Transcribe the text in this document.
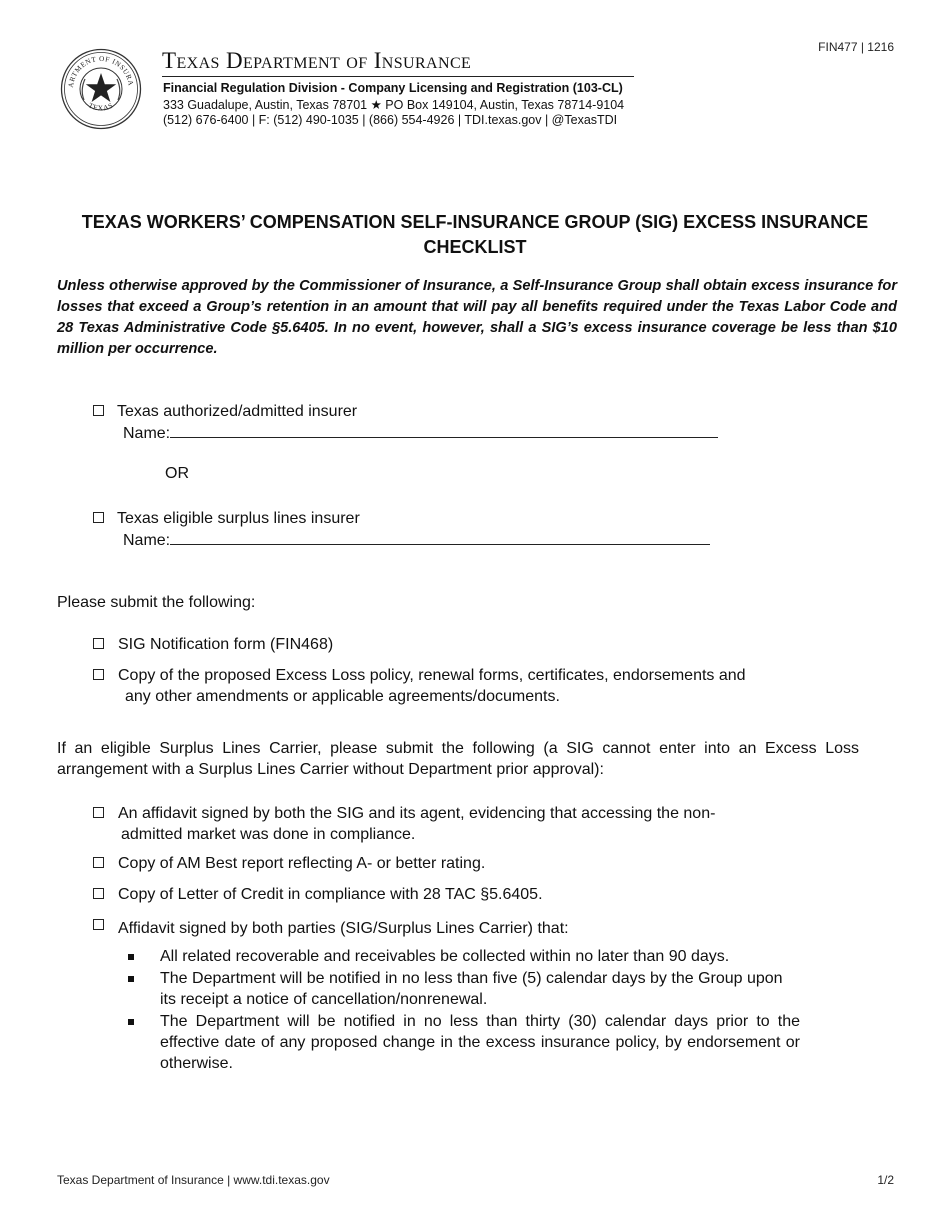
ARTMENT OF INSURA
TEXAS
FIN477 | 1216
Texas Department of Insurance
Financial Regulation Division - Company Licensing and Registration (103-CL)
333 Guadalupe, Austin, Texas 78701 ★ PO Box 149104, Austin, Texas 78714-9104
(512) 676-6400 | F: (512) 490-1035 | (866) 554-4926 | TDI.texas.gov | @TexasTDI
TEXAS WORKERS’ COMPENSATION SELF-INSURANCE GROUP (SIG) EXCESS INSURANCE
CHECKLIST
Unless otherwise approved by the Commissioner of Insurance, a Self-Insurance Group shall obtain excess insurance for losses that exceed a Group’s retention in an amount that will pay all benefits required under the Texas Labor Code and 28 Texas Administrative Code §5.6405. In no event, however, shall a SIG’s excess insurance coverage be less than $10 million per occurrence.
Texas authorized/admitted insurer
Name:
OR
Texas eligible surplus lines insurer
Name:
Please submit the following:
SIG Notification form (FIN468)
Copy of the proposed Excess Loss policy, renewal forms, certificates, endorsements and
any other amendments or applicable agreements/documents.
If an eligible Surplus Lines Carrier, please submit the following (a SIG cannot enter into an Excess Loss arrangement with a Surplus Lines Carrier without Department prior approval):
An affidavit signed by both the SIG and its agent, evidencing that accessing the non-
admitted market was done in compliance.
Copy of AM Best report reflecting A- or better rating.
Copy of Letter of Credit in compliance with 28 TAC §5.6405.
Affidavit signed by both parties (SIG/Surplus Lines Carrier) that:
All related recoverable and receivables be collected within no later than 90 days.
The Department will be notified in no less than five (5) calendar days by the Group upon its receipt a notice of cancellation/nonrenewal.
The Department will be notified in no less than thirty (30) calendar days prior to the effective date of any proposed change in the excess insurance policy, by endorsement or otherwise.
Texas Department of Insurance | www.tdi.texas.gov	1/2
